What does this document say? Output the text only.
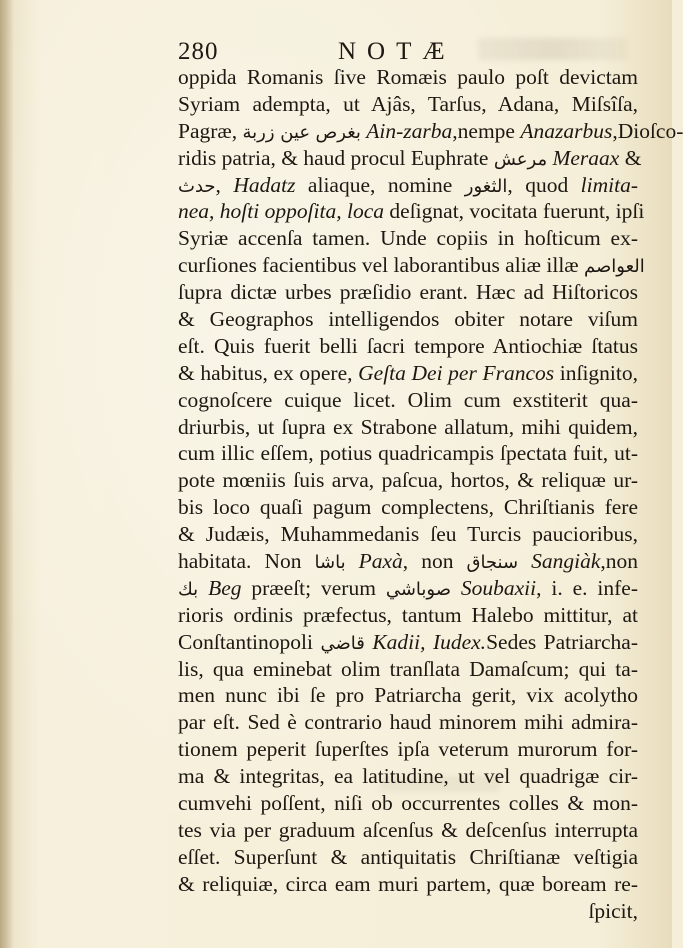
280	NOTÆ
oppida Romanis ſive Romæis paulo poſt devictam
Syriam adempta, ut Ajâs, Tarſus, Adana, Miſsîſa,
Pagræ,	بغرص عين زربة	Ain-zarba,nempe Anazarbus,Dioſco-
ridis patria, & haud procul Euphrate مرعش Meraax &
حدث, Hadatz aliaque, nomine الثغور, quod limita-
nea, hoſti oppoſita, loca deſignat, vocitata fuerunt, ipſi
Syriæ accenſa tamen. Unde copiis in hoſticum ex-
curſiones facientibus vel laborantibus aliæ illæ العواصم
ſupra dictæ urbes præſidio erant. Hæc ad Hiſtoricos
& Geographos intelligendos obiter notare viſum
eſt. Quis fuerit belli ſacri tempore Antiochiæ ſtatus
& habitus, ex opere, Geſta Dei per Francos inſignito,
cognoſcere cuique licet. Olim cum exstiterit qua-
driurbis, ut ſupra ex Strabone allatum, mihi quidem,
cum illic eſſem, potius quadricampis ſpectata fuit, ut-
pote mœniis ſuis arva, paſcua, hortos, & reliquæ ur-
bis loco quaſi pagum complectens, Chriſtianis fere
& Judæis, Muhammedanis ſeu Turcis paucioribus,
habitata. Non باشا Paxà, non سنجاق Sangiàk,non
بك Beg præeſt; verum صوباشي Soubaxii, i. e. infe-
rioris ordinis præfectus, tantum Halebo mittitur, at
Conſtantinopoli قاضي Kadii, Iudex.Sedes Patriarcha-
lis, qua eminebat olim tranſlata Damaſcum; qui ta-
men nunc ibi ſe pro Patriarcha gerit, vix acolytho
par eſt. Sed è contrario haud minorem mihi admira-
tionem peperit ſuperſtes ipſa veterum murorum for-
ma & integritas, ea latitudine, ut vel quadrigæ cir-
cumvehi poſſent, niſi ob occurrentes colles & mon-
tes via per graduum aſcenſus & deſcenſus interrupta
eſſet. Superſunt & antiquitatis Chriſtianæ veſtigia
& reliquiæ, circa eam muri partem, quæ boream re-
ſpicit,
